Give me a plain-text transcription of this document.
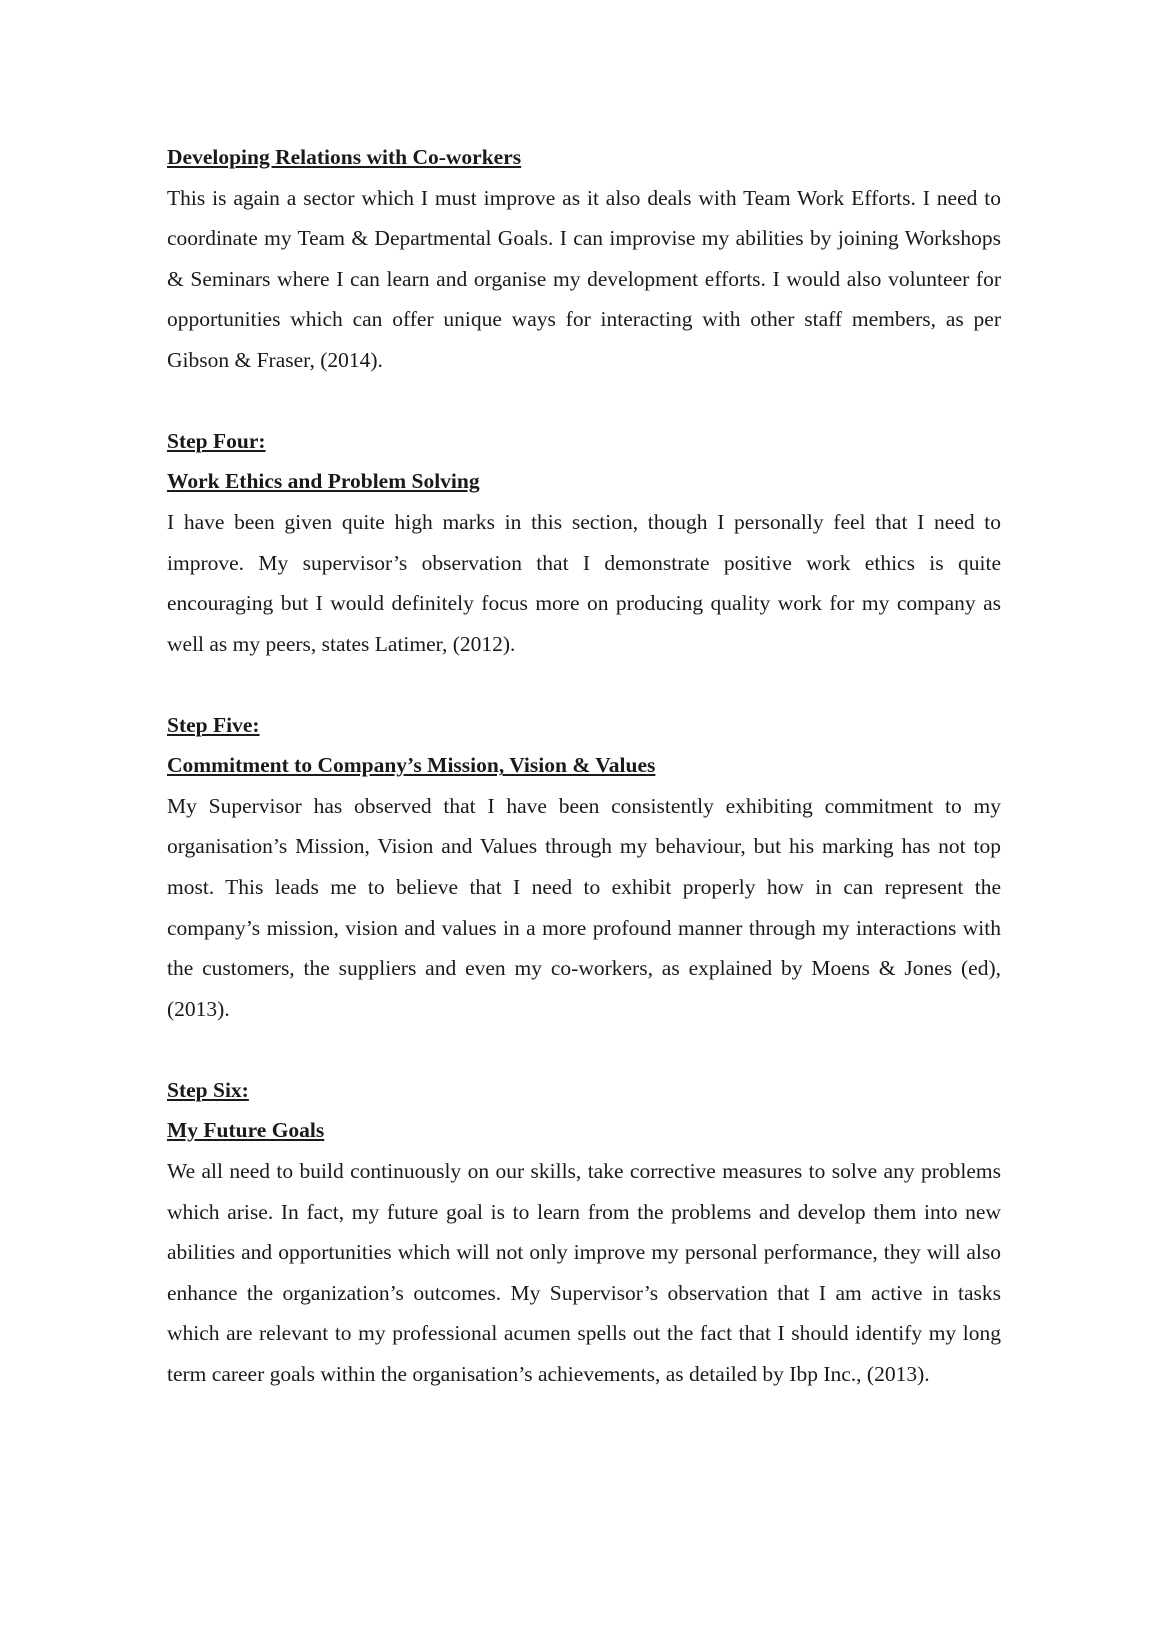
Developing Relations with Co-workers

This is again a sector which I must improve as it also deals with Team Work Efforts. I need to coordinate my Team & Departmental Goals. I can improvise my abilities by joining Workshops & Seminars where I can learn and organise my development efforts. I would also volunteer for opportunities which can offer unique ways for interacting with other staff members, as per Gibson & Fraser, (2014).

Step Four:
Work Ethics and Problem Solving

I have been given quite high marks in this section, though I personally feel that I need to improve. My supervisor’s observation that I demonstrate positive work ethics is quite encouraging but I would definitely focus more on producing quality work for my company as well as my peers, states Latimer, (2012).

Step Five:
Commitment to Company’s Mission, Vision & Values

My Supervisor has observed that I have been consistently exhibiting commitment to my organisation’s Mission, Vision and Values through my behaviour, but his marking has not top most. This leads me to believe that I need to exhibit properly how in can represent the company’s mission, vision and values in a more profound manner through my interactions with the customers, the suppliers and even my co-workers, as explained by Moens & Jones (ed), (2013).

Step Six:
My Future Goals

We all need to build continuously on our skills, take corrective measures to solve any problems which arise. In fact, my future goal is to learn from the problems and develop them into new abilities and opportunities which will not only improve my personal performance, they will also enhance the organization’s outcomes. My Supervisor’s observation that I am active in tasks which are relevant to my professional acumen spells out the fact that I should identify my long term career goals within the organisation’s achievements, as detailed by Ibp Inc., (2013).
